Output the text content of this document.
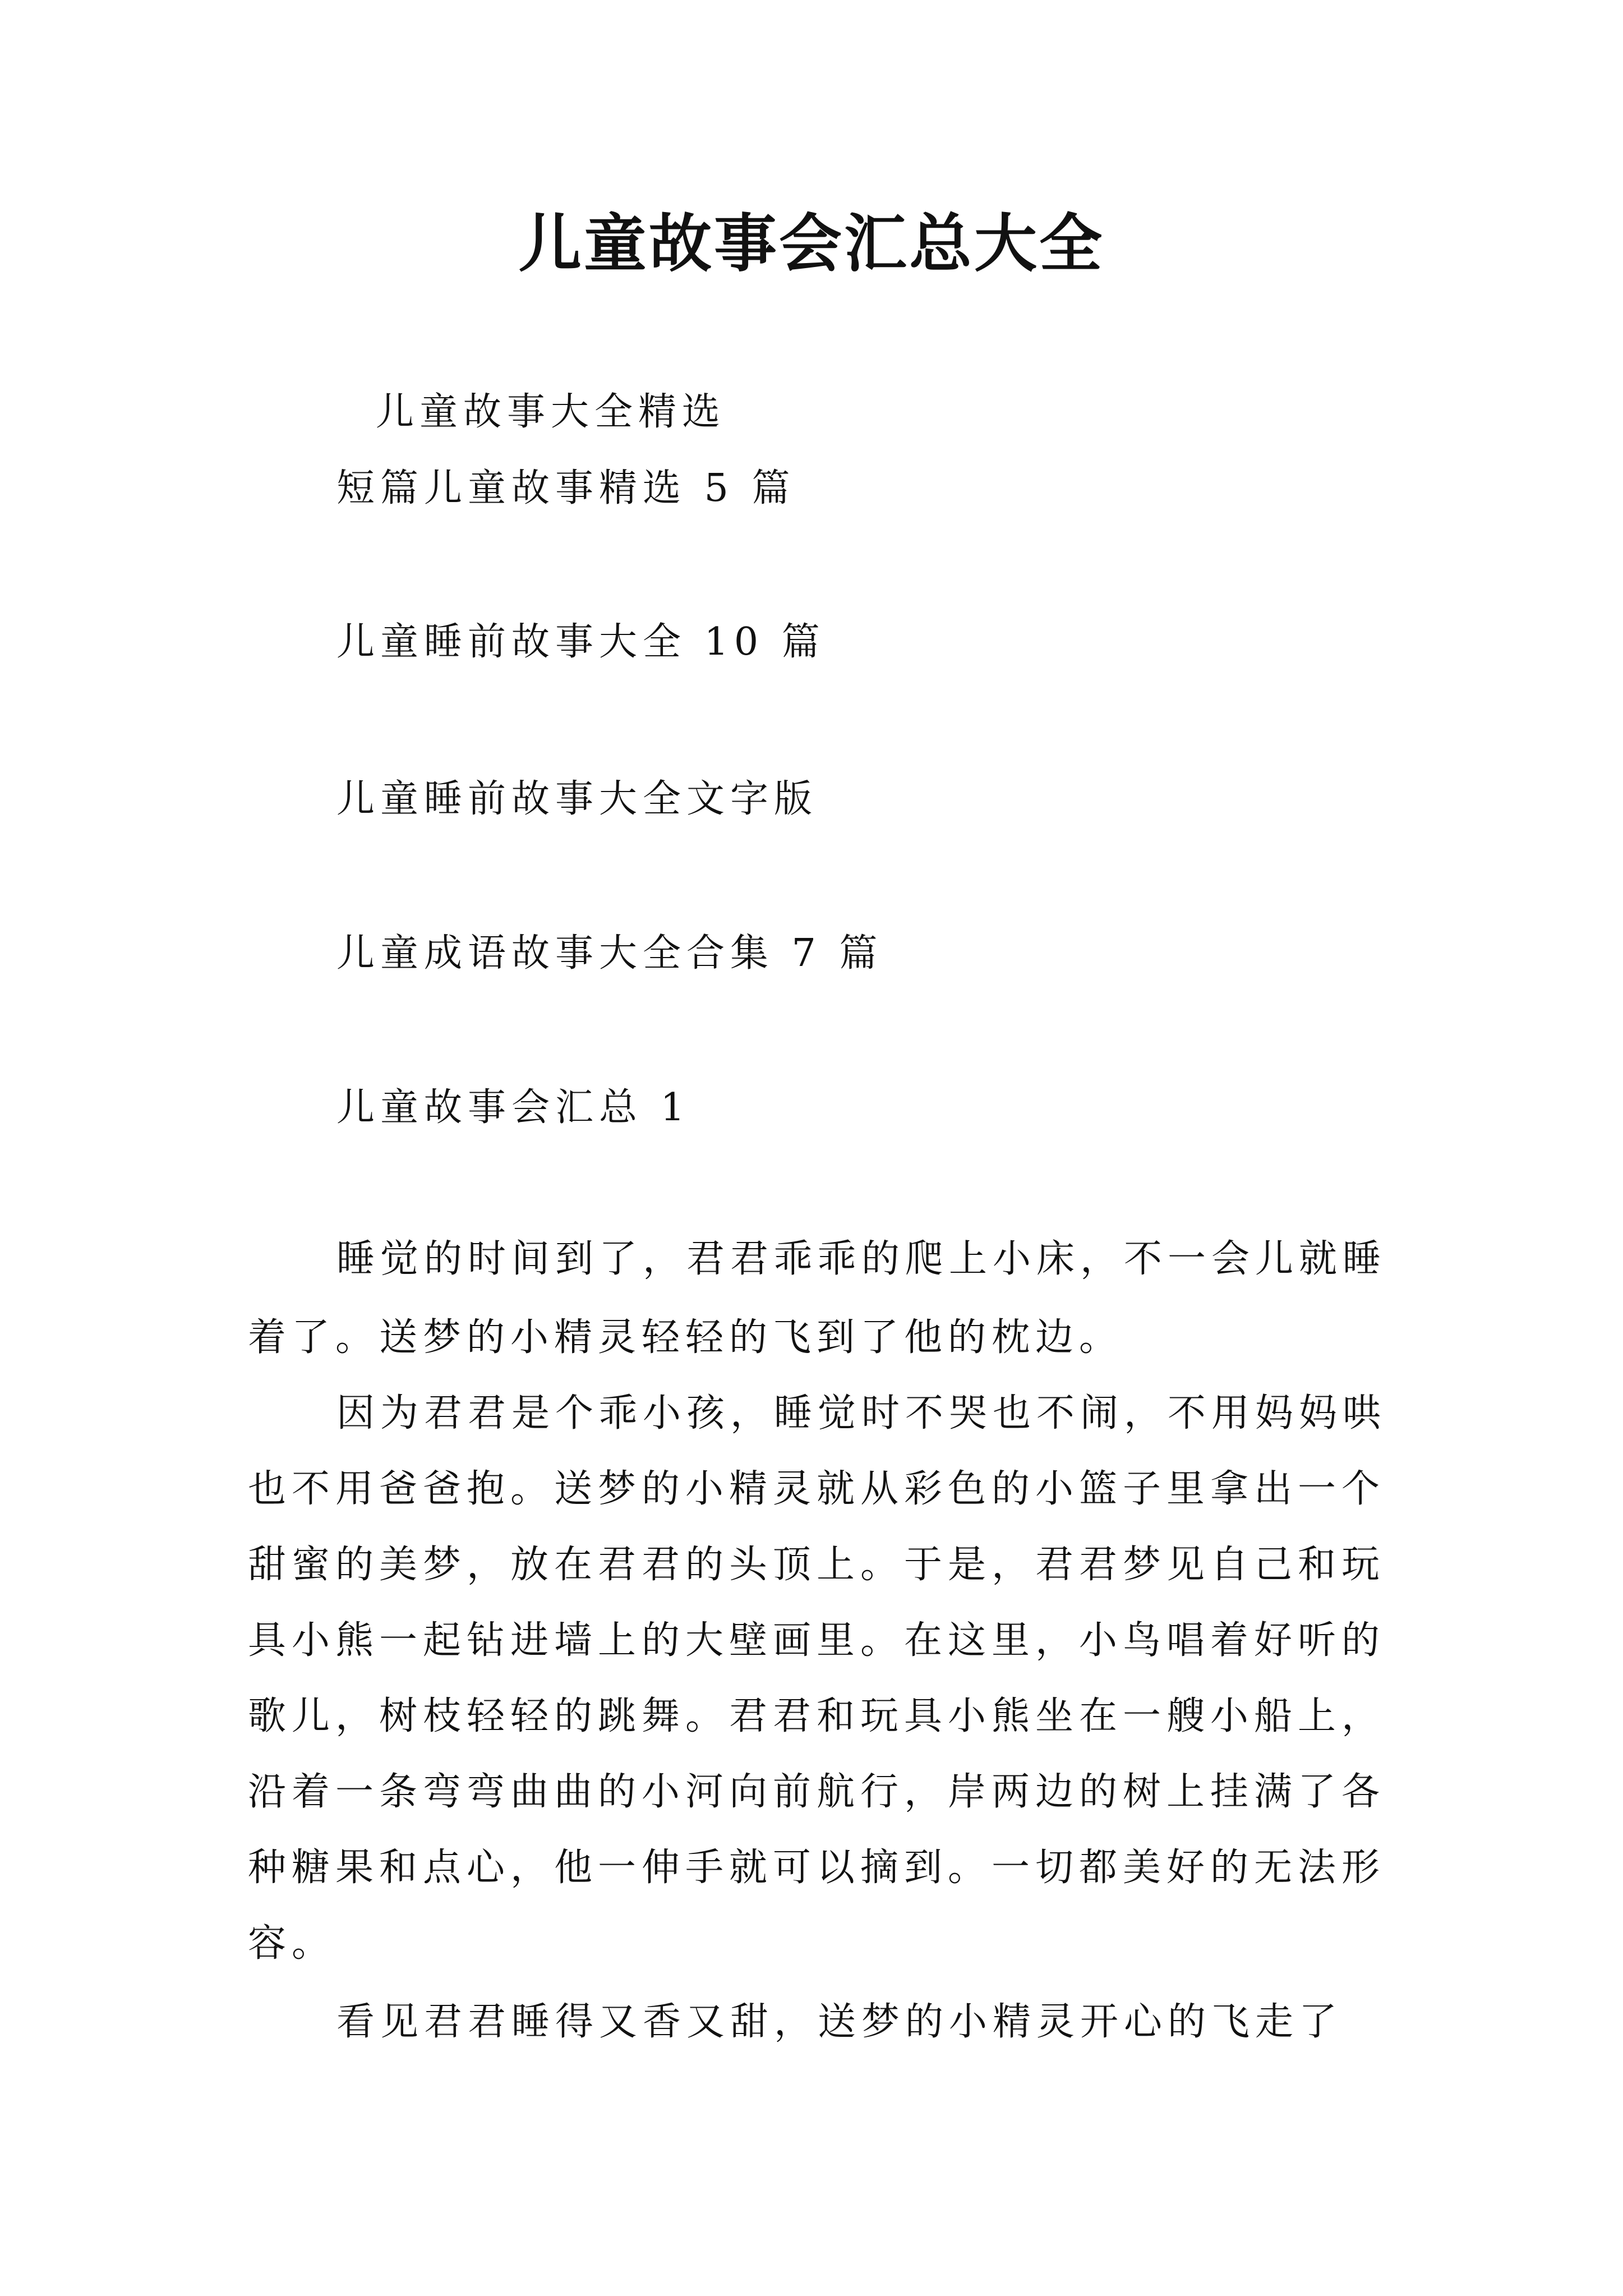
儿童故事会汇总大全

儿童故事大全精选

短篇儿童故事精选 5 篇

儿童睡前故事大全 10 篇

儿童睡前故事大全文字版

儿童成语故事大全合集 7 篇

儿童故事会汇总 1

睡觉的时间到了，君君乖乖的爬上小床，不一会儿就睡

着了。送梦的小精灵轻轻的飞到了他的枕边。

因为君君是个乖小孩，睡觉时不哭也不闹，不用妈妈哄

也不用爸爸抱。送梦的小精灵就从彩色的小篮子里拿出一个

甜蜜的美梦，放在君君的头顶上。于是，君君梦见自己和玩

具小熊一起钻进墙上的大壁画里。在这里，小鸟唱着好听的

歌儿，树枝轻轻的跳舞。君君和玩具小熊坐在一艘小船上，

沿着一条弯弯曲曲的小河向前航行，岸两边的树上挂满了各

种糖果和点心，他一伸手就可以摘到。一切都美好的无法形

容。

看见君君睡得又香又甜，送梦的小精灵开心的飞走了
